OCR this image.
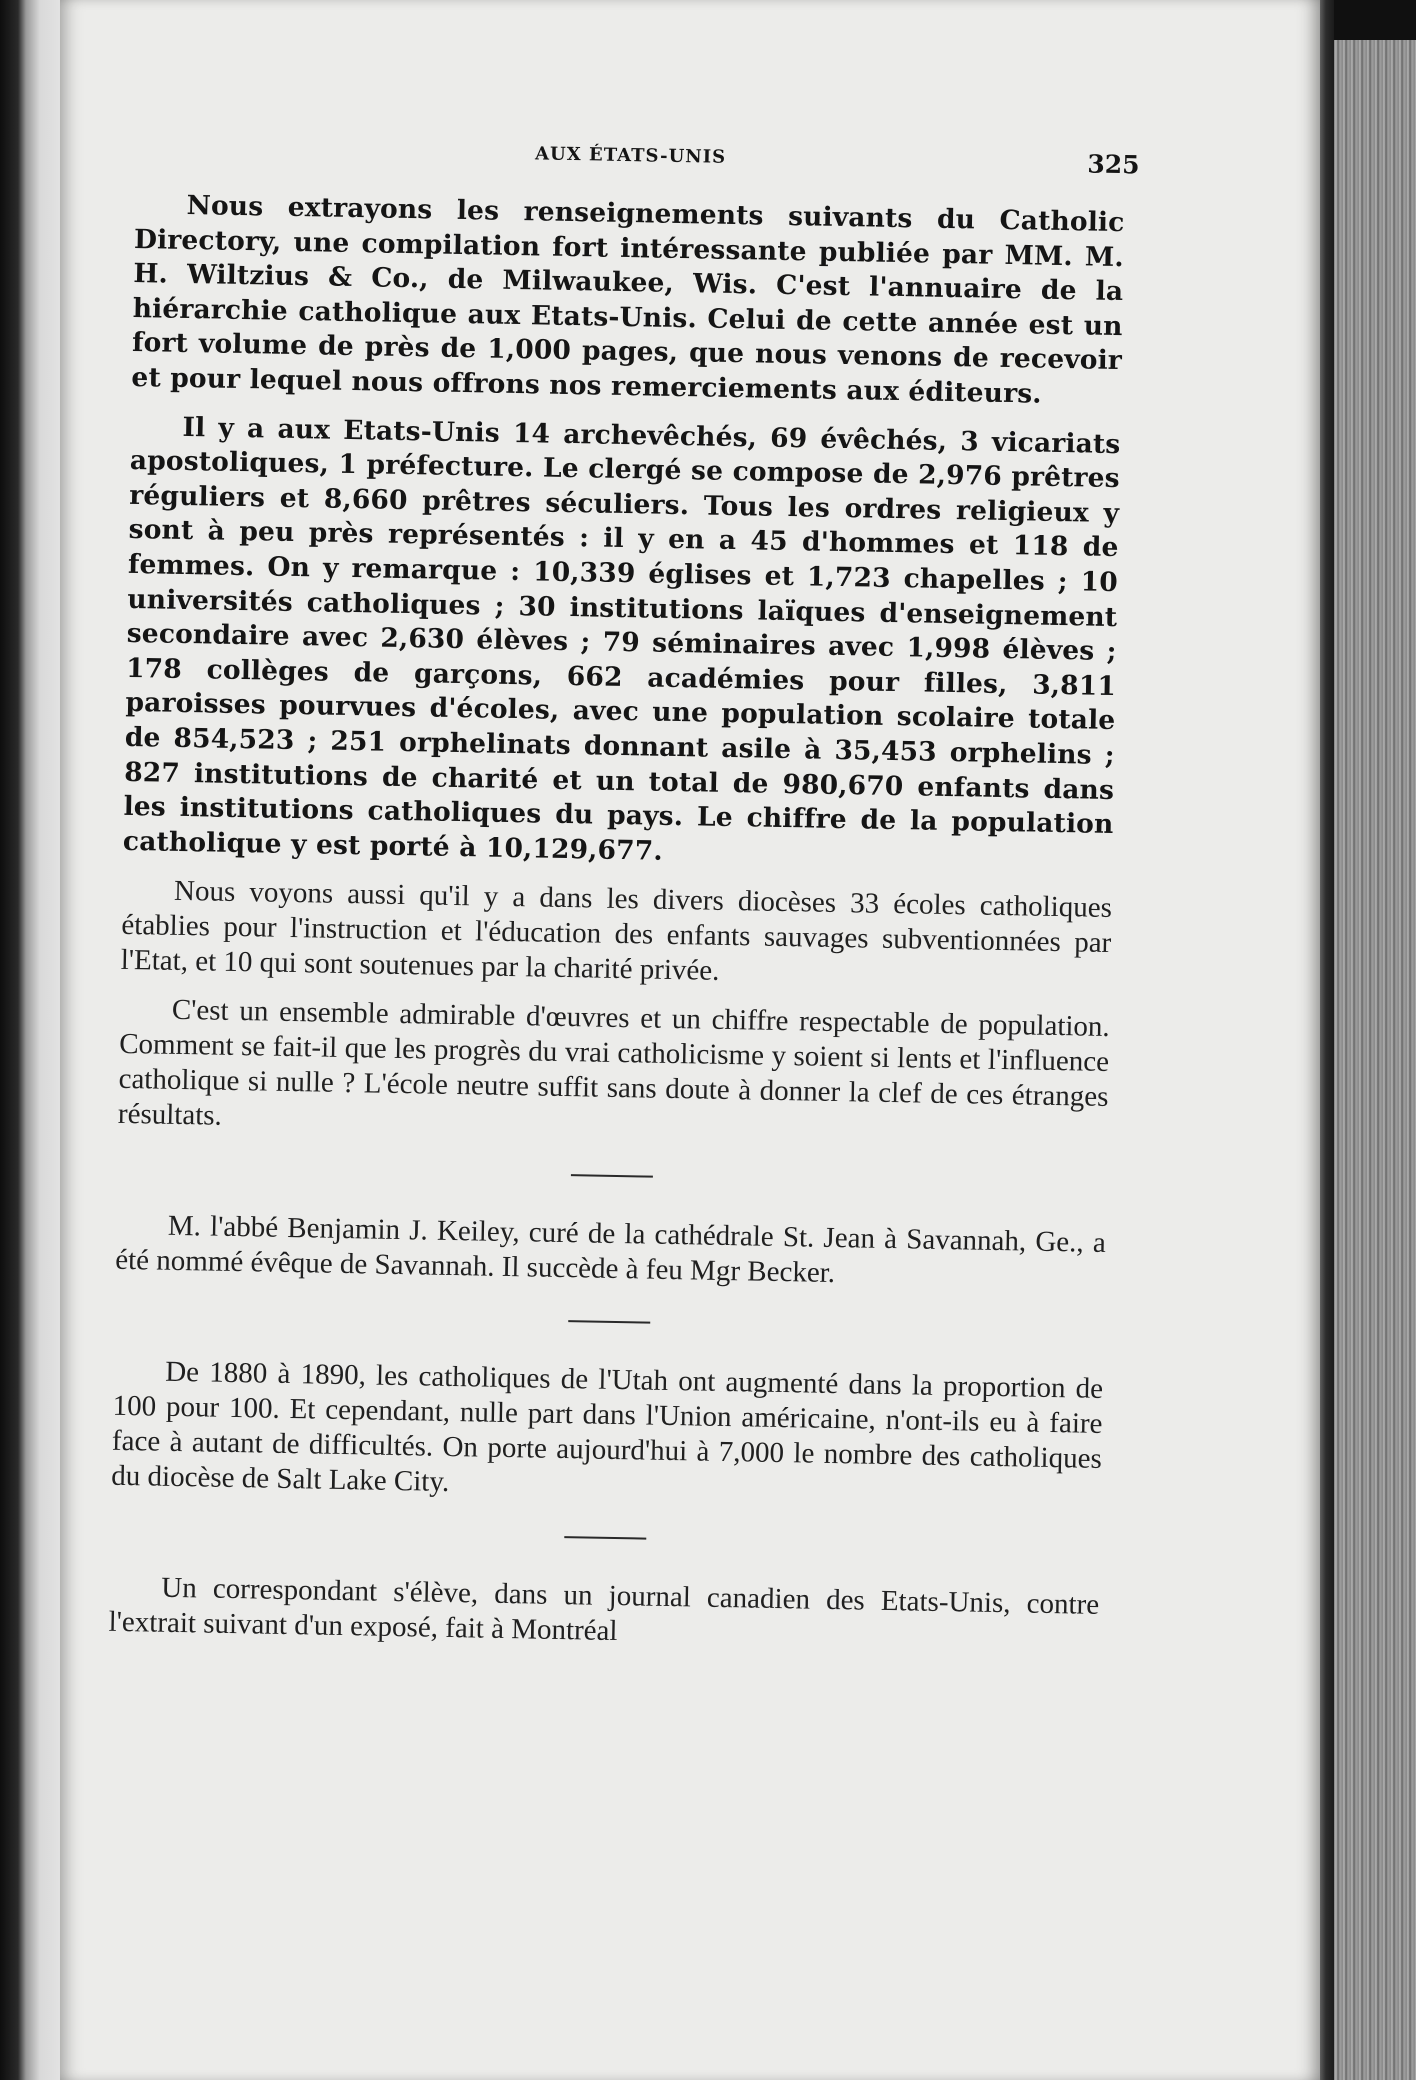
AUX ÉTATS-UNIS	325

Nous extrayons les renseignements suivants du Catholic Directory, une compilation fort intéressante publiée par MM. M. H. Wiltzius & Co., de Milwaukee, Wis. C'est l'annuaire de la hiérarchie catholique aux Etats-Unis. Celui de cette année est un fort volume de près de 1,000 pages, que nous venons de recevoir et pour lequel nous offrons nos remerciements aux éditeurs.

Il y a aux Etats-Unis 14 archevêchés, 69 évêchés, 3 vicariats apostoliques, 1 préfecture. Le clergé se compose de 2,976 prêtres réguliers et 8,660 prêtres séculiers. Tous les ordres religieux y sont à peu près représentés : il y en a 45 d'hommes et 118 de femmes. On y remarque : 10,339 églises et 1,723 chapelles ; 10 universités catholiques ; 30 institutions laïques d'enseignement secondaire avec 2,630 élèves ; 79 séminaires avec 1,998 élèves ; 178 collèges de garçons, 662 académies pour filles, 3,811 paroisses pourvues d'écoles, avec une population scolaire totale de 854,523 ; 251 orphelinats donnant asile à 35,453 orphelins ; 827 institutions de charité et un total de 980,670 enfants dans les institutions catholiques du pays. Le chiffre de la population catholique y est porté à 10,129,677.

Nous voyons aussi qu'il y a dans les divers diocèses 33 écoles catholiques établies pour l'instruction et l'éducation des enfants sauvages subventionnées par l'Etat, et 10 qui sont soutenues par la charité privée.

C'est un ensemble admirable d'œuvres et un chiffre respectable de population. Comment se fait-il que les progrès du vrai catholicisme y soient si lents et l'influence catholique si nulle ? L'école neutre suffit sans doute à donner la clef de ces étranges résultats.

M. l'abbé Benjamin J. Keiley, curé de la cathédrale St. Jean à Savannah, Ge., a été nommé évêque de Savannah. Il succède à feu Mgr Becker.

De 1880 à 1890, les catholiques de l'Utah ont augmenté dans la proportion de 100 pour 100. Et cependant, nulle part dans l'Union américaine, n'ont-ils eu à faire face à autant de difficultés. On porte aujourd'hui à 7,000 le nombre des catholiques du diocèse de Salt Lake City.

Un correspondant s'élève, dans un journal canadien des Etats-Unis, contre l'extrait suivant d'un exposé, fait à Montréal
